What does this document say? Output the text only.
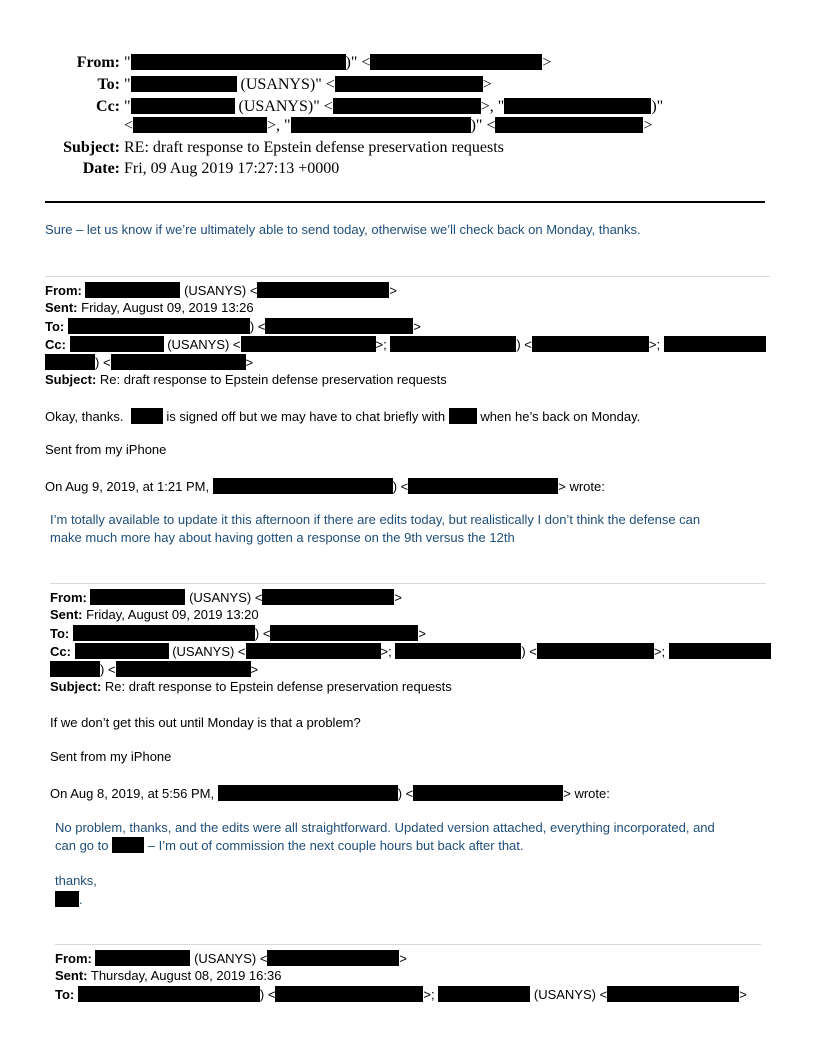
From: "	)" <	>
To: "	(USANYS)" <	>
Cc: "	(USANYS)" <	>, "	)"
<	>, "	)" <	>
Subject: RE: draft response to Epstein defense preservation requests
Date: Fri, 09 Aug 2019 17:27:13 +0000
Sure – let us know if we’re ultimately able to send today, otherwise we’ll check back on Monday, thanks.
From:	(USANYS) <	>
Sent: Friday, August 09, 2019 13:26
To:	) <	>
Cc:	(USANYS) <	>;	) <	>;
) <	>
Subject: Re: draft response to Epstein defense preservation requests
Okay, thanks.	is signed off but we may have to chat briefly with	when he’s back on Monday.
Sent from my iPhone
On Aug 9, 2019, at 1:21 PM,	) <	> wrote:
I’m totally available to update it this afternoon if there are edits today, but realistically I don’t think the defense can
make much more hay about having gotten a response on the 9th versus the 12th
From:	(USANYS) <	>
Sent: Friday, August 09, 2019 13:20
To:	) <	>
Cc:	(USANYS) <	>;	) <	>;
) <	>
Subject: Re: draft response to Epstein defense preservation requests
If we don’t get this out until Monday is that a problem?
Sent from my iPhone
On Aug 8, 2019, at 5:56 PM,	) <	> wrote:
No problem, thanks, and the edits were all straightforward. Updated version attached, everything incorporated, and
can go to	– I’m out of commission the next couple hours but back after that.
thanks,
.
From:	(USANYS) <	>
Sent: Thursday, August 08, 2019 16:36
To:	) <	>;	(USANYS) <	>
